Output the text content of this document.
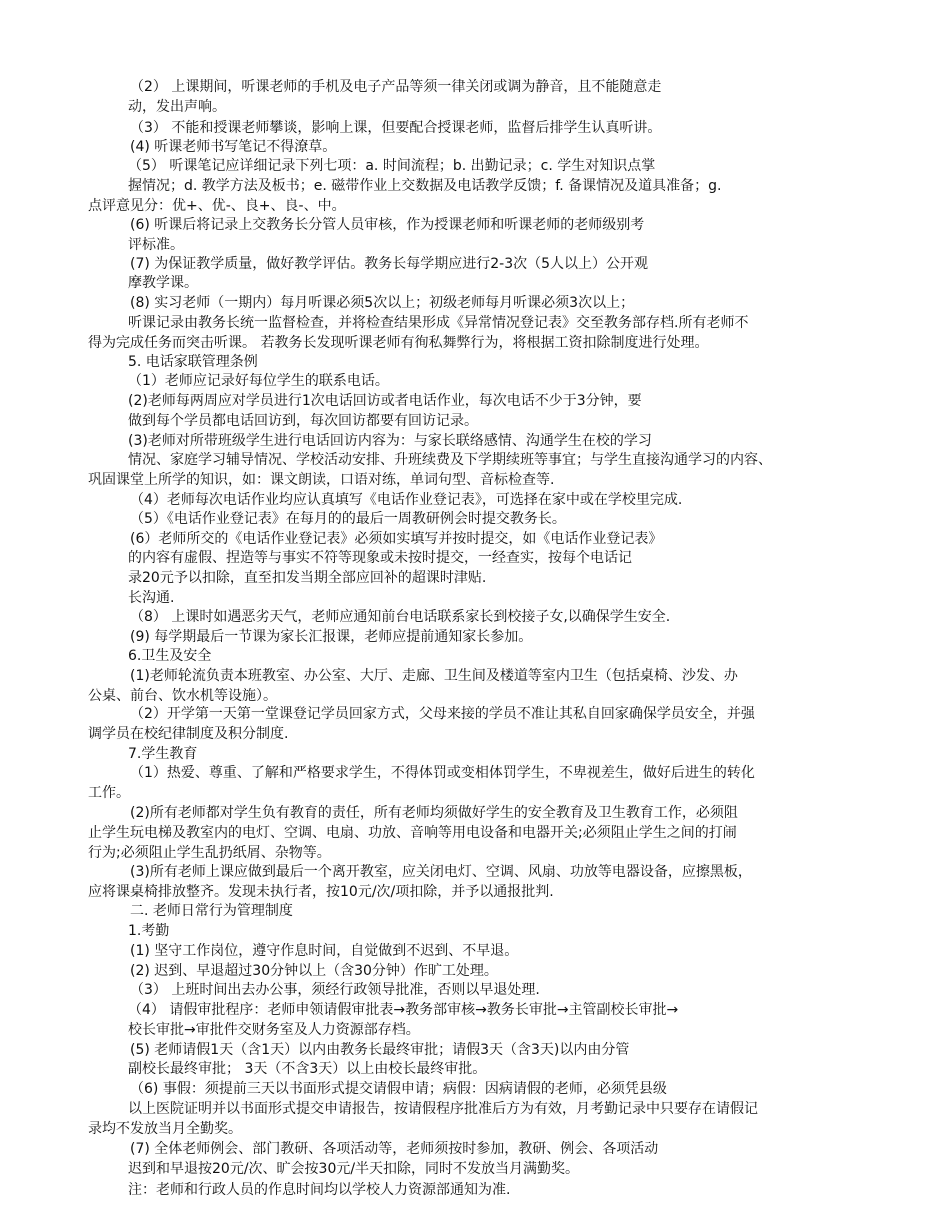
（2） 上课期间，听课老师的手机及电子产品等须一律关闭或调为静音，且不能随意走
动，发出声响。
（3） 不能和授课老师攀谈，影响上课，但要配合授课老师，监督后排学生认真听讲。
(4) 听课老师书写笔记不得潦草。
（5） 听课笔记应详细记录下列七项：a. 时间流程；b. 出勤记录；c. 学生对知识点掌
握情况；d. 教学方法及板书；e. 磁带作业上交数据及电话教学反馈；f. 备课情况及道具准备；g.
点评意见分：优+、优-、良+、良-、中。
(6) 听课后将记录上交教务长分管人员审核，作为授课老师和听课老师的老师级别考
评标准。
(7) 为保证教学质量，做好教学评估。教务长每学期应进行2-3次（5人以上）公开观
摩教学课。
(8) 实习老师（一期内）每月听课必须5次以上；初级老师每月听课必须3次以上；
听课记录由教务长统一监督检查，并将检查结果形成《异常情况登记表》交至教务部存档.所有老师不
得为完成任务而突击听课。 若教务长发现听课老师有徇私舞弊行为，将根据工资扣除制度进行处理。
5. 电话家联管理条例
（1）老师应记录好每位学生的联系电话。
(2)老师每两周应对学员进行1次电话回访或者电话作业，每次电话不少于3分钟，要
做到每个学员都电话回访到，每次回访都要有回访记录。
(3)老师对所带班级学生进行电话回访内容为：与家长联络感情、沟通学生在校的学习
情况、家庭学习辅导情况、学校活动安排、升班续费及下学期续班等事宜；与学生直接沟通学习的内容、
巩固课堂上所学的知识，如：课文朗读，口语对练，单词句型、音标检查等.
（4）老师每次电话作业均应认真填写《电话作业登记表》，可选择在家中或在学校里完成.
（5）《电话作业登记表》在每月的的最后一周教研例会时提交教务长。
(6）老师所交的《电话作业登记表》必须如实填写并按时提交，如《电话作业登记表》
的内容有虚假、捏造等与事实不符等现象或未按时提交，一经查实，按每个电话记
录20元予以扣除，直至扣发当期全部应回补的超课时津贴.
长沟通.
（8） 上课时如遇恶劣天气，老师应通知前台电话联系家长到校接子女,以确保学生安全.
(9) 每学期最后一节课为家长汇报课，老师应提前通知家长参加。
6.卫生及安全
(1)老师轮流负责本班教室、办公室、大厅、走廊、卫生间及楼道等室内卫生（包括桌椅、沙发、办
公桌、前台、饮水机等设施）。
（2）开学第一天第一堂课登记学员回家方式，父母来接的学员不准让其私自回家确保学员安全，并强
调学员在校纪律制度及积分制度.
7.学生教育
（1）热爱、尊重、了解和严格要求学生，不得体罚或变相体罚学生，不卑视差生，做好后进生的转化
工作。
(2)所有老师都对学生负有教育的责任，所有老师均须做好学生的安全教育及卫生教育工作，必须阻
止学生玩电梯及教室内的电灯、空调、电扇、功放、音响等用电设备和电器开关;必须阻止学生之间的打闹
行为;必须阻止学生乱扔纸屑、杂物等。
(3)所有老师上课应做到最后一个离开教室，应关闭电灯、空调、风扇、功放等电器设备，应擦黑板，
应将课桌椅排放整齐。发现未执行者，按10元/次/项扣除，并予以通报批判.
二. 老师日常行为管理制度
1.考勤
(1) 坚守工作岗位，遵守作息时间，自觉做到不迟到、不早退。
(2) 迟到、早退超过30分钟以上（含30分钟）作旷工处理。
（3） 上班时间出去办公事，须经行政领导批准，否则以早退处理.
（4） 请假审批程序：老师申领请假审批表→教务部审核→教务长审批→主管副校长审批→
校长审批→审批件交财务室及人力资源部存档。
(5) 老师请假1天（含1天）以内由教务长最终审批；请假3天（含3天)以内由分管
副校长最终审批； 3天（不含3天）以上由校长最终审批。
（6) 事假：须提前三天以书面形式提交请假申请；病假：因病请假的老师，必须凭县级
以上医院证明并以书面形式提交申请报告，按请假程序批准后方为有效，月考勤记录中只要存在请假记
录均不发放当月全勤奖。
(7) 全体老师例会、部门教研、各项活动等，老师须按时参加，教研、例会、各项活动
迟到和早退按20元/次、旷会按30元/半天扣除，同时不发放当月满勤奖。
注：老师和行政人员的作息时间均以学校人力资源部通知为准.
